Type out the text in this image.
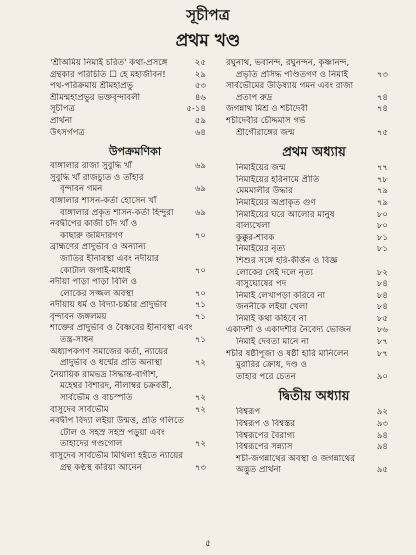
সূচীপত্র
প্রথম খণ্ড
'শ্রীঅমিয় নিমাই চরিত' কথা-প্রসঙ্গে	২৫
গ্রন্থকার পরিচিতি ☐ হে মহাজীবন!	২৯
পথ-পরিক্রমায় শ্রীমহাপ্রভু	৫৩
শ্রীমন্মহাপ্রভুর ভক্তবৃন্দাবলী	৪৬
সূচীপত্র	৫-১৪
প্রার্থনা	৫৯
উৎসর্গপত্র	৬৪
উপক্রমণিকা
বাঙ্গালার রাজা সুবুদ্ধি খাঁ	৬৯
সুবুদ্ধি খাঁ রাজচ্যুত ও তাঁহার
বৃন্দাবন গমন	৬৯
বাঙ্গালার শাসন-কর্তা হোসেন খাঁ
বাঙ্গালার প্রকৃত শাসন-কর্তা হিন্দুরা ৬৯
নবদ্বীপের কাজী চাঁদ খাঁ ও
কাছারু জমিদারগণ	৭০
ব্রাহ্মণের প্রাদুর্ভাব ও অন্যান্য
জাতির হীনাবস্থা এবং নদীয়ার
কোটাল জগাই-মাধাই	৭০
নদীয়া পাড়া পাড়া বিলি ও
লোকের সজ্জল অবস্থা	৭০
নদীয়ায় ধর্ম ও বিদ্যা-চর্চ্চার প্রাদুর্ভাব	৭১
বৃন্দাবন জঙ্গলময়	৭১
শাক্তের প্রাদুর্ভাব ও বৈষ্ণবের হীনাবস্থা এবং
তন্ত্র-সাধন	৭১
অধ্যাপকগণ সমাজের কর্তা, ন্যায়ের
প্রাদুর্ভাব ও ধর্ম্মের প্রতি অনাস্থা	৭২
নৈয়ায়িক রামভদ্র সিদ্ধান্ত-বাগীশ,
মহেশ্বর বিশারদ, নীলাম্বর চক্রবর্ত্তী,
সার্বভৌম ও বাচস্পতি	৭২
বাসুদেব সার্বভৌম	৭২
নবদ্বীপ বিদ্যা লইয়া উন্মত্ত, প্রতি গলিতে
টোল ও সহস্র সহস্র পড়ুয়া এবং
তাহাদের গণ্ডগোল	৭২
বাসুদেব সার্বভৌম মিথিলা হইতে ন্যায়ের
গ্রন্থ কণ্ঠস্থ করিয়া আনেন	৭৩
রঘুনাথ, ভবানন্দ, রঘুনন্দন, কৃষ্ণানন্দ,
প্রভৃতি প্রসিদ্ধ পণ্ডিতগণ ও নিমাই	৭৩
সার্বভৌমের উড়িষ্যায় গমন এবং রাজা
প্রতাপ রুদ্র	৭৪
জগন্নাথ মিশ্র ও শচীদেবী	৭৪
শচীদেবীর চৌদ্দমাস গর্ভ
শ্রীগৌরাঙ্গের জন্ম	৭৫
প্রথম অধ্যায়
নিমাইয়ের জন্ম	৭৭
নিমাইয়ের হরিনামে প্রীতি	৭৮
মেমমালীর উদ্ধার	৭৯
নিমাইয়ের অপ্রাকৃত গুণ	৭৯
নিমাইয়ের ঘরে আলোর মানুষ	৮০
বাল্যখেলা	৮০
কুক্কুর-শাবক	৮১
নিমাইয়ের নৃত্য	৮১
শিশুর সঙ্গে হরি-কীর্ত্তন ও বিজ্ঞ
লোকের সেই দলে নৃত্য	৮২
বাসুঘোষের পদ	৮৪
নিমাই লেখাপড়া করিবে না	৮৪
জননীকে লইয়া খেলা	৮৪
নিমাই কথা কহিবে না	৮৫
একাদশী ও একাদশীর নৈবেদ্য ভোজন	৮৬
নিমাই দেবতা মানে না	৮৭
শচীর ষষ্ঠীপূজা ও ষষ্ঠী হারি মানিলেন	৮৭
মুরারির ক্রোধ, দণ্ড ও
তাহার পরে চেতন	৯০
দ্বিতীয় অধ্যায়
বিশ্বরূপ	৯২
বিশ্বরূপ ও বিশ্বস্তর	৯৩
বিশ্বরূপের বৈরাগ্য	৯৪
বিশ্বরূপের সন্ন্যাস	৯৪
শচী-জগন্নাথের অবস্থা ও জগন্নাথের
অদ্ভুত প্রার্থনা	৯৫
৫
